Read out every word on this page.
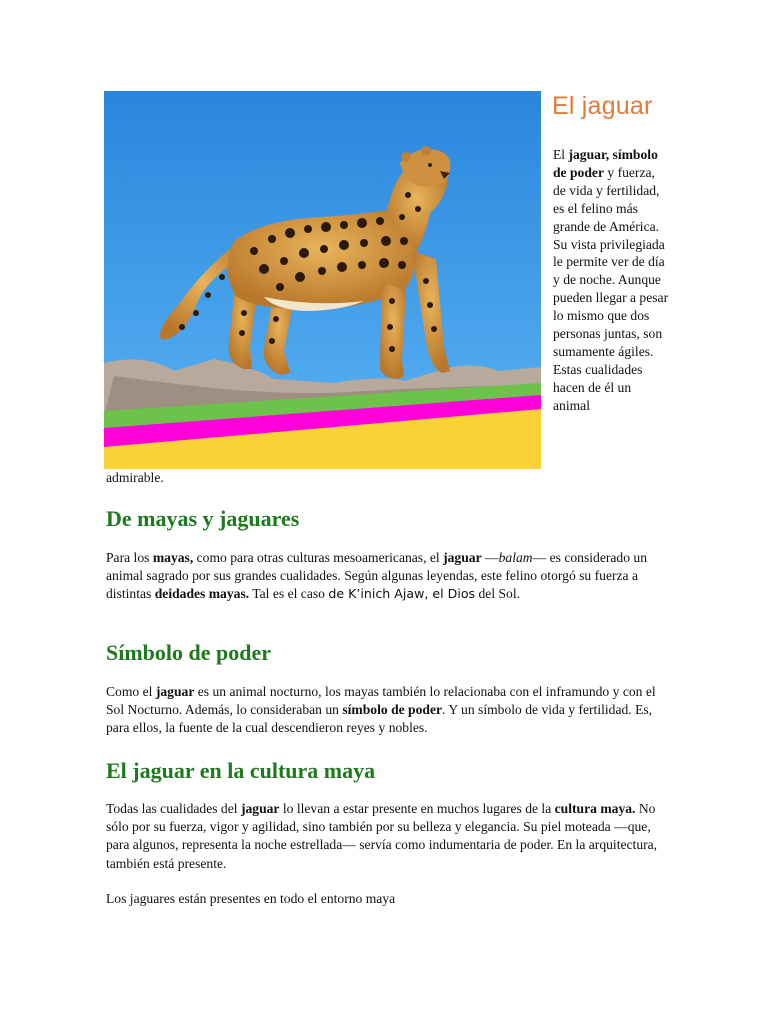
El jaguar

El jaguar, símbolo de poder y fuerza, de vida y fertilidad, es el felino más grande de América. Su vista privilegiada le permite ver de día y de noche. Aunque pueden llegar a pesar lo mismo que dos personas juntas, son sumamente ágiles. Estas cualidades hacen de él un animal

admirable.

De mayas y jaguares

Para los mayas, como para otras culturas mesoamericanas, el jaguar —balam— es considerado un animal sagrado por sus grandes cualidades. Según algunas leyendas, este felino otorgó su fuerza a distintas deidades mayas. Tal es el caso de K’inich Ajaw, el Dios del Sol.

Símbolo de poder

Como el jaguar es un animal nocturno, los mayas también lo relacionaba con el inframundo y con el Sol Nocturno. Además, lo consideraban un símbolo de poder. Y un símbolo de vida y fertilidad. Es, para ellos, la fuente de la cual descendieron reyes y nobles.

El jaguar en la cultura maya

Todas las cualidades del jaguar lo llevan a estar presente en muchos lugares de la cultura maya. No sólo por su fuerza, vigor y agilidad, sino también por su belleza y elegancia. Su piel moteada —que, para algunos, representa la noche estrellada— servía como indumentaria de poder. En la arquitectura, también está presente.

Los jaguares están presentes en todo el entorno maya
